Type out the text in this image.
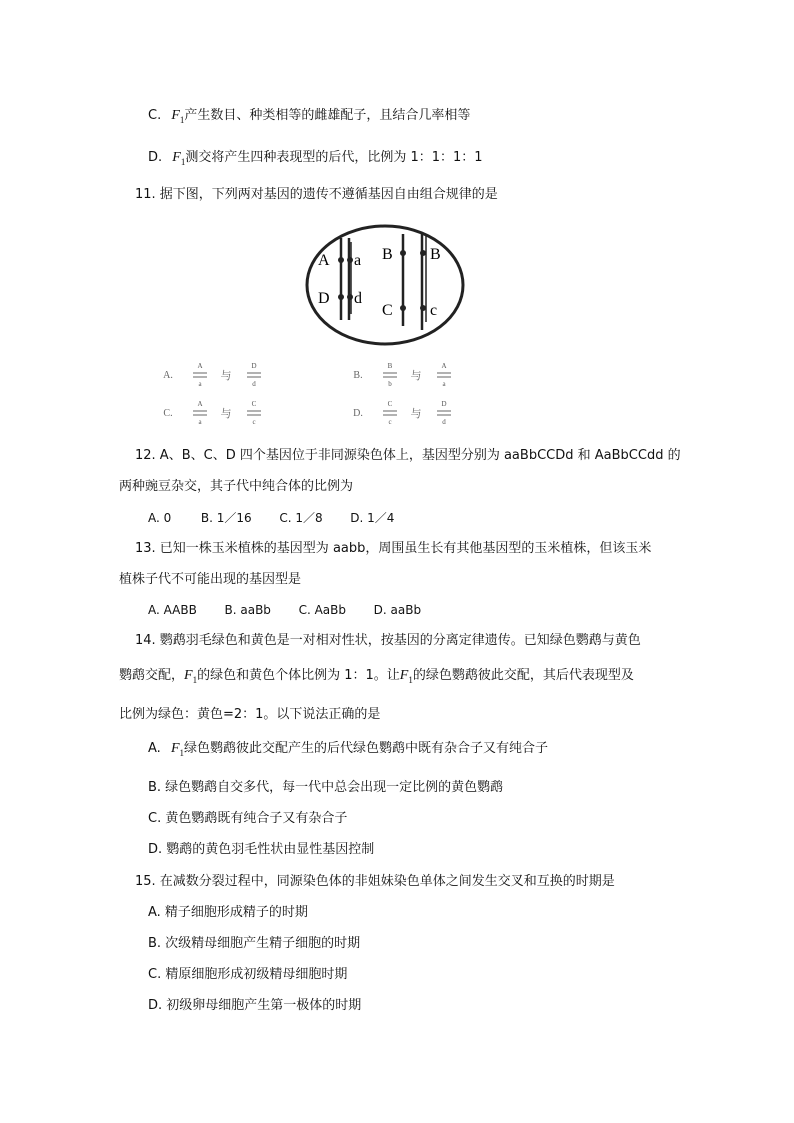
C. $F_1$产生数目、种类相等的雌雄配子，且结合几率相等
D. $F_1$测交将产生四种表现型的后代，比例为 1：1：1：1
11. 据下图，下列两对基因的遗传不遵循基因自由组合规律的是
A a
D d
B B
C c
A.
A
a
与
D
d
B.
B
b
与
A
a
C.
A
a
与
C
c
D.
C
c
与
D
d
12. A、B、C、D 四个基因位于非同源染色体上，基因型分别为 aaBbCCDd 和 AaBbCCdd 的
两种豌豆杂交，其子代中纯合体的比例为
A. 0 B. 1／16 C. 1／8 D. 1／4
13. 已知一株玉米植株的基因型为 aabb，周围虽生长有其他基因型的玉米植株，但该玉米
植株子代不可能出现的基因型是
A. AABB B. aaBb C. AaBb D. aaBb
14. 鹦鹉羽毛绿色和黄色是一对相对性状，按基因的分离定律遗传。已知绿色鹦鹉与黄色
鹦鹉交配，$F_1$的绿色和黄色个体比例为 1：1。让$F_1$的绿色鹦鹉彼此交配，其后代表现型及
比例为绿色：黄色=2：1。以下说法正确的是
A. $F_1$绿色鹦鹉彼此交配产生的后代绿色鹦鹉中既有杂合子又有纯合子
B. 绿色鹦鹉自交多代，每一代中总会出现一定比例的黄色鹦鹉
C. 黄色鹦鹉既有纯合子又有杂合子
D. 鹦鹉的黄色羽毛性状由显性基因控制
15. 在减数分裂过程中，同源染色体的非姐妹染色单体之间发生交叉和互换的时期是
A. 精子细胞形成精子的时期
B. 次级精母细胞产生精子细胞的时期
C. 精原细胞形成初级精母细胞时期
D. 初级卵母细胞产生第一极体的时期
